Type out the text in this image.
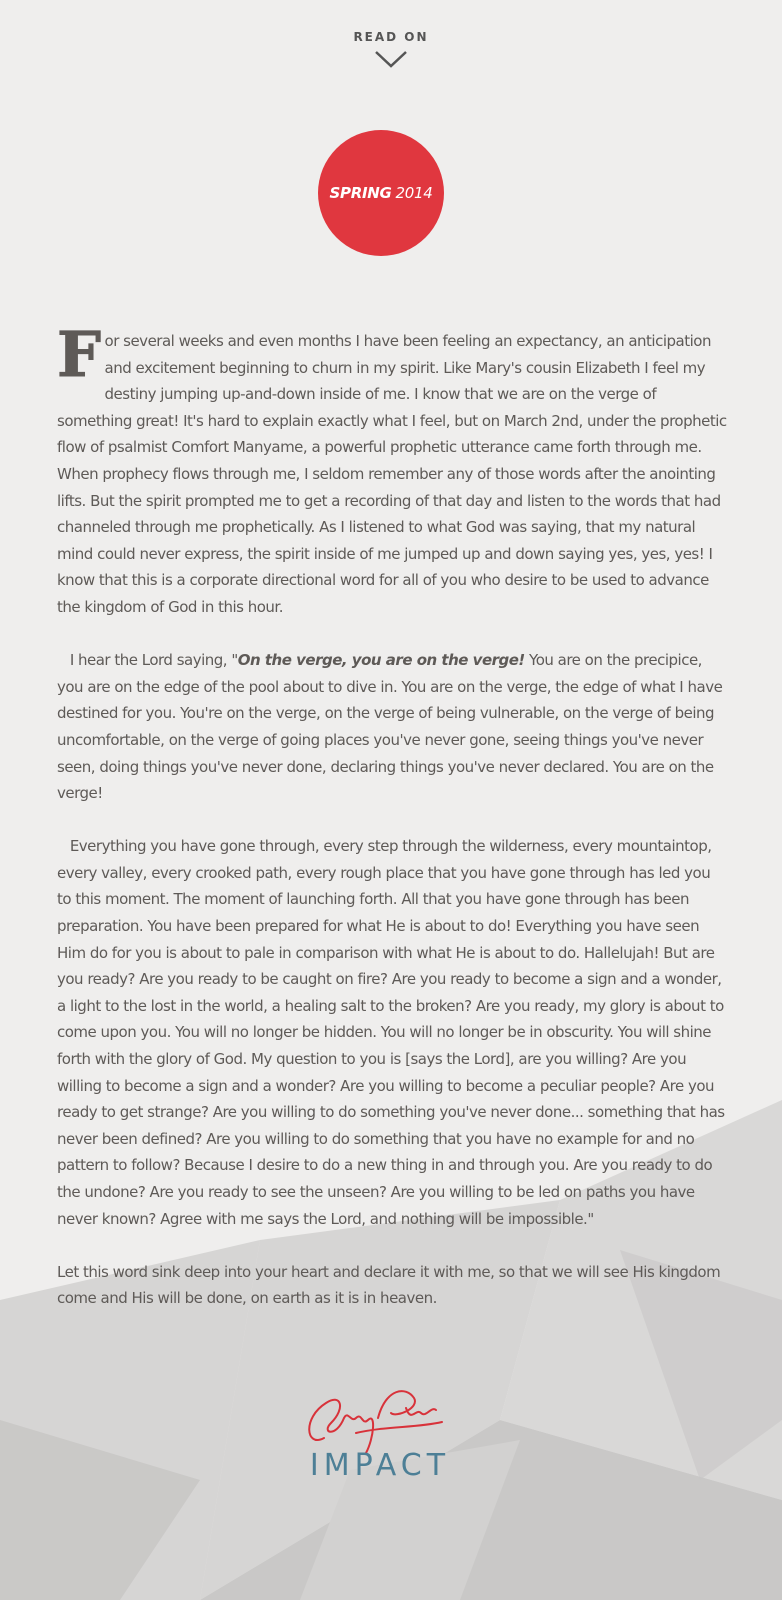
READ ON
SPRING 2014

F or several weeks and even months I have been feeling an expectancy, an anticipation and excitement beginning to churn in my spirit. Like Mary's cousin Elizabeth I feel my destiny jumping up-and-down inside of me. I know that we are on the verge of something great! It's hard to explain exactly what I feel, but on March 2nd, under the prophetic flow of psalmist Comfort Manyame, a powerful prophetic utterance came forth through me. When prophecy flows through me, I seldom remember any of those words after the anointing lifts. But the spirit prompted me to get a recording of that day and listen to the words that had channeled through me prophetically. As I listened to what God was saying, that my natural mind could never express, the spirit inside of me jumped up and down saying yes, yes, yes! I know that this is a corporate directional word for all of you who desire to be used to advance the kingdom of God in this hour.

I hear the Lord saying, "On the verge, you are on the verge! You are on the precipice, you are on the edge of the pool about to dive in. You are on the verge, the edge of what I have destined for you. You're on the verge, on the verge of being vulnerable, on the verge of being uncomfortable, on the verge of going places you've never gone, seeing things you've never seen, doing things you've never done, declaring things you've never declared. You are on the verge!

Everything you have gone through, every step through the wilderness, every mountaintop, every valley, every crooked path, every rough place that you have gone through has led you to this moment. The moment of launching forth. All that you have gone through has been preparation. You have been prepared for what He is about to do! Everything you have seen Him do for you is about to pale in comparison with what He is about to do. Hallelujah! But are you ready? Are you ready to be caught on fire? Are you ready to become a sign and a wonder, a light to the lost in the world, a healing salt to the broken? Are you ready, my glory is about to come upon you. You will no longer be hidden. You will no longer be in obscurity. You will shine forth with the glory of God. My question to you is [says the Lord], are you willing? Are you willing to become a sign and a wonder? Are you willing to become a peculiar people? Are you ready to get strange? Are you willing to do something you've never done... something that has never been defined? Are you willing to do something that you have no example for and no pattern to follow? Because I desire to do a new thing in and through you. Are you ready to do the undone? Are you ready to see the unseen? Are you willing to be led on paths you have never known? Agree with me says the Lord, and nothing will be impossible."

Let this word sink deep into your heart and declare it with me, so that we will see His kingdom come and His will be done, on earth as it is in heaven.

IMPACT
